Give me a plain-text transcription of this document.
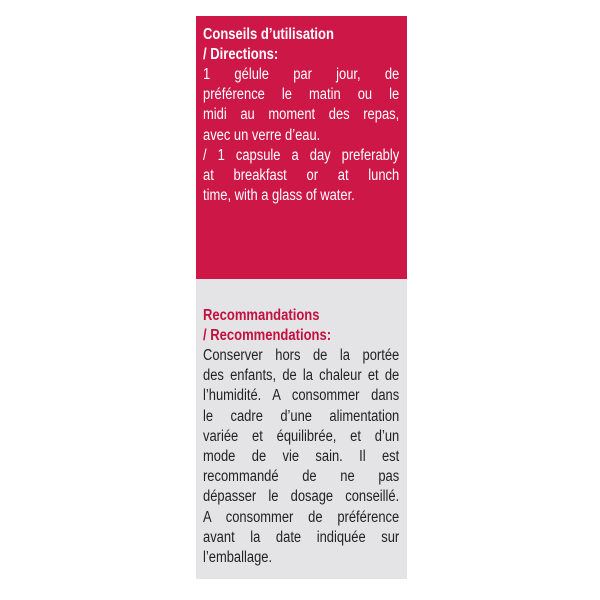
Conseils d’utilisation
/ Directions:
1 gélule par jour, de
préférence le matin ou le
midi au moment des repas,
avec un verre d’eau.
/ 1 capsule a day preferably
at breakfast or at lunch
time, with a glass of water.
Recommandations
/ Recommendations:
Conserver hors de la portée
des enfants, de la chaleur et de
l’humidité. A consommer dans
le cadre d’une alimentation
variée et équilibrée, et d’un
mode de vie sain. Il est
recommandé de ne pas
dépasser le dosage conseillé.
A consommer de préférence
avant la date indiquée sur
l’emballage.
